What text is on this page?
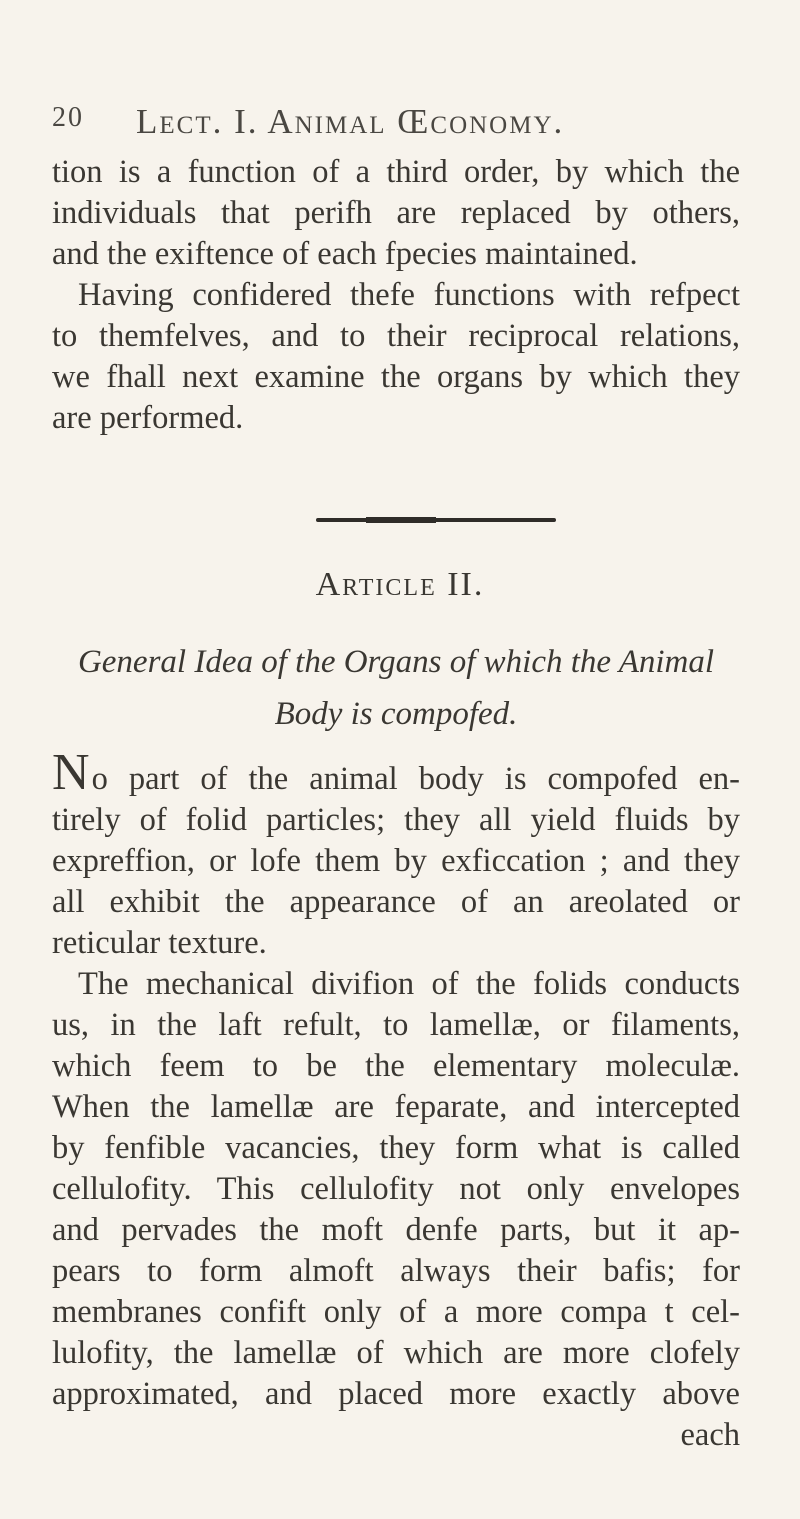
20 Lect. I. Animal Œconomy.
tion is a function of a third order, by which the
individuals that perifh are replaced by others,
and the exiftence of each fpecies maintained.
Having confidered thefe functions with refpect
to themfelves, and to their reciprocal relations,
we fhall next examine the organs by which they
are performed.
Article II.
General Idea of the Organs of which the Animal
Body is compofed.
No part of the animal body is compofed en-
tirely of folid particles; they all yield fluids by
expreffion, or lofe them by exficcation ; and they
all exhibit the appearance of an areolated or
reticular texture.
The mechanical divifion of the folids conducts
us, in the laft refult, to lamellæ, or filaments,
which feem to be the elementary moleculæ.
When the lamellæ are feparate, and intercepted
by fenfible vacancies, they form what is called
cellulofity. This cellulofity not only envelopes
and pervades the moft denfe parts, but it ap-
pears to form almoft always their bafis; for
membranes confift only of a more compa t cel-
lulofity, the lamellæ of which are more clofely
approximated, and placed more exactly above
each
